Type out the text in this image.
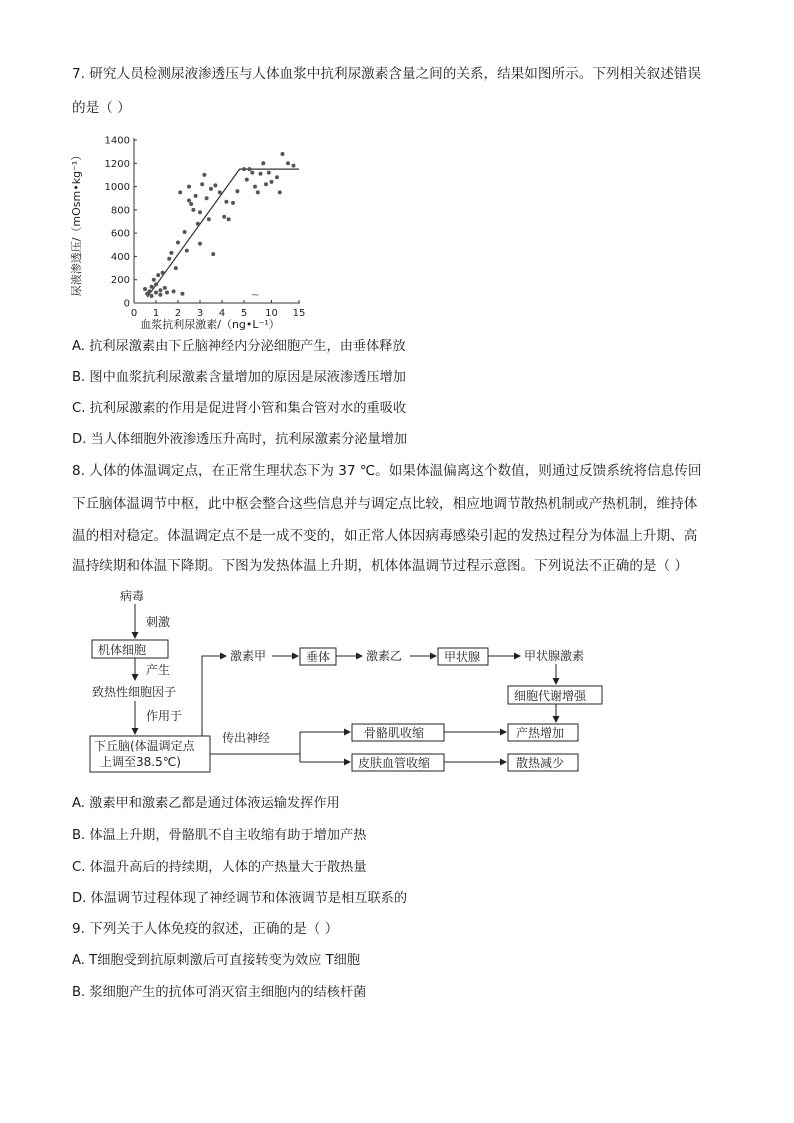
7. 研究人员检测尿液渗透压与人体血浆中抗利尿激素含量之间的关系，结果如图所示。下列相关叙述错误
的是（ ）
0
200
400
600
800
1000
1200
1400
0 1 2 3 4 5 10 15
~
尿液渗透压/（mOsm•kg⁻¹）
血浆抗利尿激素/（ng•L⁻¹）
A. 抗利尿激素由下丘脑神经内分泌细胞产生，由垂体释放
B. 图中血浆抗利尿激素含量增加的原因是尿液渗透压增加
C. 抗利尿激素的作用是促进肾小管和集合管对水的重吸收
D. 当人体细胞外液渗透压升高时，抗利尿激素分泌量增加
8. 人体的体温调定点，在正常生理状态下为 37 ℃。如果体温偏离这个数值，则通过反馈系统将信息传回
下丘脑体温调节中枢，此中枢会整合这些信息并与调定点比较，相应地调节散热机制或产热机制，维持体
温的相对稳定。体温调定点不是一成不变的，如正常人体因病毒感染引起的发热过程分为体温上升期、高
温持续期和体温下降期。下图为发热体温上升期，机体体温调节过程示意图。下列说法不正确的是（ ）
病毒
刺激
机体细胞
产生
致热性细胞因子
作用于
下丘脑(体温调定点
上调至38.5℃)
激素甲	垂体	激素乙	甲状腺	甲状腺激素
细胞代谢增强
传出神经	骨骼肌收缩
皮肤血管收缩
产热增加
散热减少
A. 激素甲和激素乙都是通过体液运输发挥作用
B. 体温上升期，骨骼肌不自主收缩有助于增加产热
C. 体温升高后的持续期，人体的产热量大于散热量
D. 体温调节过程体现了神经调节和体液调节是相互联系的
9. 下列关于人体免疫的叙述，正确的是（ ）
A. T细胞受到抗原刺激后可直接转变为效应 T细胞
B. 浆细胞产生的抗体可消灭宿主细胞内的结核杆菌
